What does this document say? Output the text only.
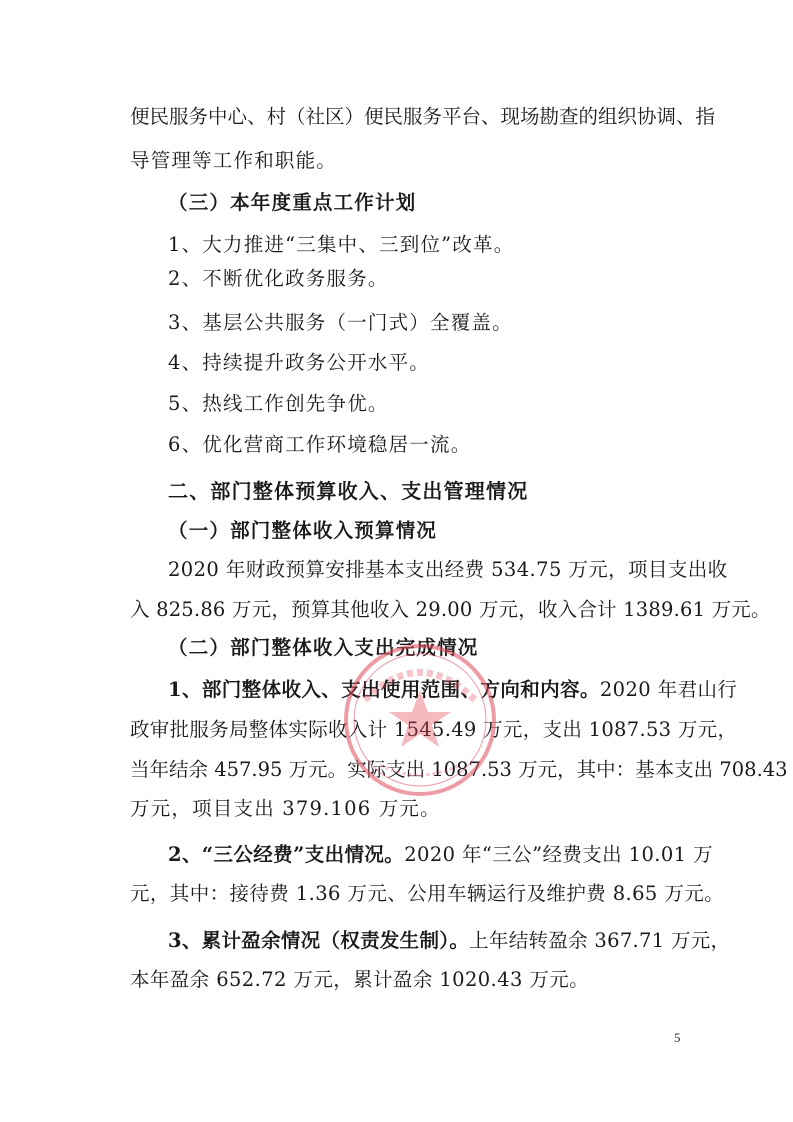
便民服务中心、村（社区）便民服务平台、现场勘查的组织协调、指
导管理等工作和职能。
（三）本年度重点工作计划
1、大力推进“三集中、三到位”改革。
2、不断优化政务服务。
3、基层公共服务（一门式）全覆盖。
4、持续提升政务公开水平。
5、热线工作创先争优。
6、优化营商工作环境稳居一流。
二、部门整体预算收入、支出管理情况
（一）部门整体收入预算情况
2020 年财政预算安排基本支出经费 534.75 万元，项目支出收
入 825.86 万元，预算其他收入 29.00 万元，收入合计 1389.61 万元。
（二）部门整体收入支出完成情况
1、部门整体收入、支出使用范围、方向和内容。2020 年君山行
政审批服务局整体实际收入计 1545.49 万元，支出 1087.53 万元，
当年结余 457.95 万元。实际支出 1087.53 万元，其中：基本支出 708.43
万元，项目支出 379.106 万元。
2、“三公经费”支出情况。2020 年“三公”经费支出 10.01 万
元，其中：接待费 1.36 万元、公用车辆运行及维护费 8.65 万元。
3、累计盈余情况（权责发生制）。上年结转盈余 367.71 万元，
本年盈余 652.72 万元，累计盈余 1020.43 万元。
5
